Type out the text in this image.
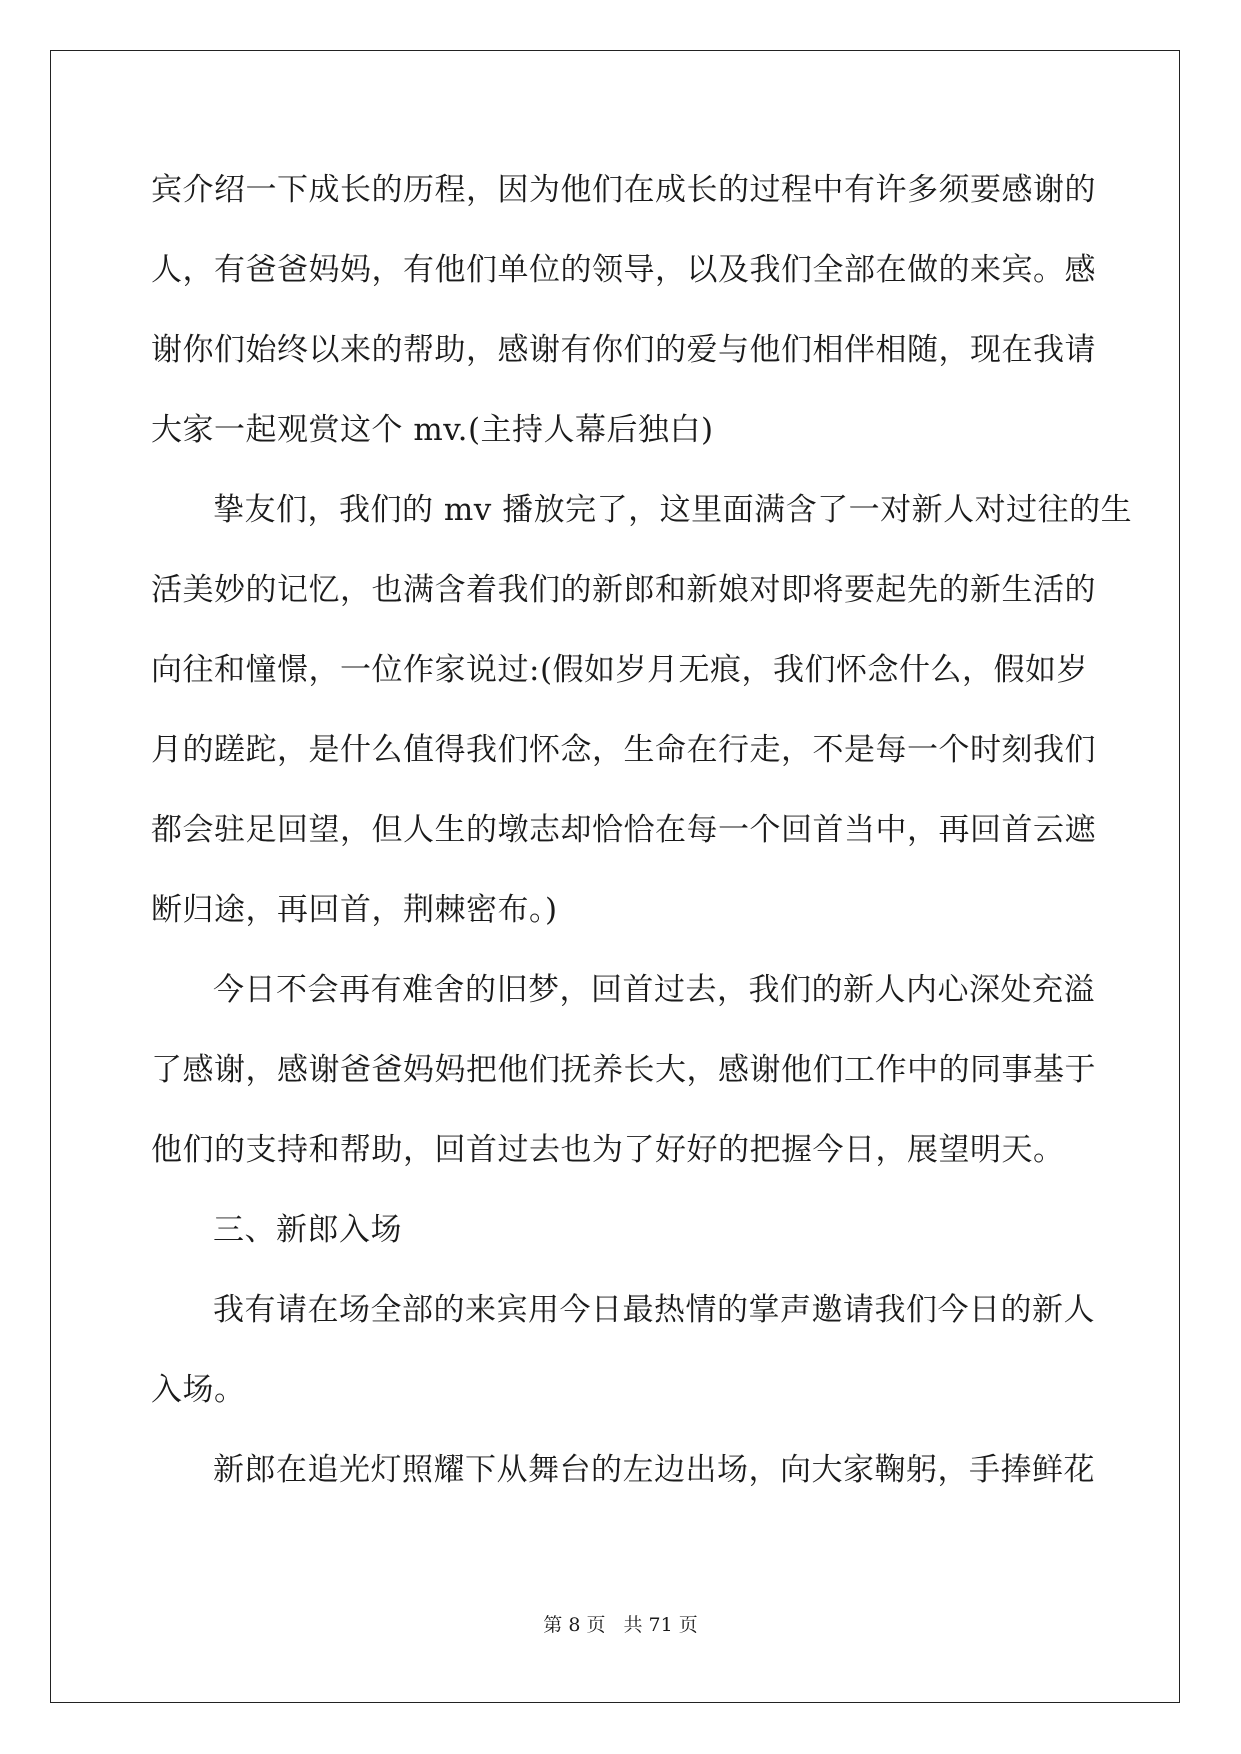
宾介绍一下成长的历程，因为他们在成长的过程中有许多须要感谢的
人，有爸爸妈妈，有他们单位的领导，以及我们全部在做的来宾。感
谢你们始终以来的帮助，感谢有你们的爱与他们相伴相随，现在我请
大家一起观赏这个 mv.(主持人幕后独白)
挚友们，我们的 mv 播放完了，这里面满含了一对新人对过往的生
活美妙的记忆，也满含着我们的新郎和新娘对即将要起先的新生活的
向往和憧憬，一位作家说过:(假如岁月无痕，我们怀念什么，假如岁
月的蹉跎，是什么值得我们怀念，生命在行走，不是每一个时刻我们
都会驻足回望，但人生的墩志却恰恰在每一个回首当中，再回首云遮
断归途，再回首，荆棘密布。)
今日不会再有难舍的旧梦，回首过去，我们的新人内心深处充溢
了感谢，感谢爸爸妈妈把他们抚养长大，感谢他们工作中的同事基于
他们的支持和帮助，回首过去也为了好好的把握今日，展望明天。
三、新郎入场
我有请在场全部的来宾用今日最热情的掌声邀请我们今日的新人
入场。
新郎在追光灯照耀下从舞台的左边出场，向大家鞠躬，手捧鲜花
第 8 页 共 71 页
